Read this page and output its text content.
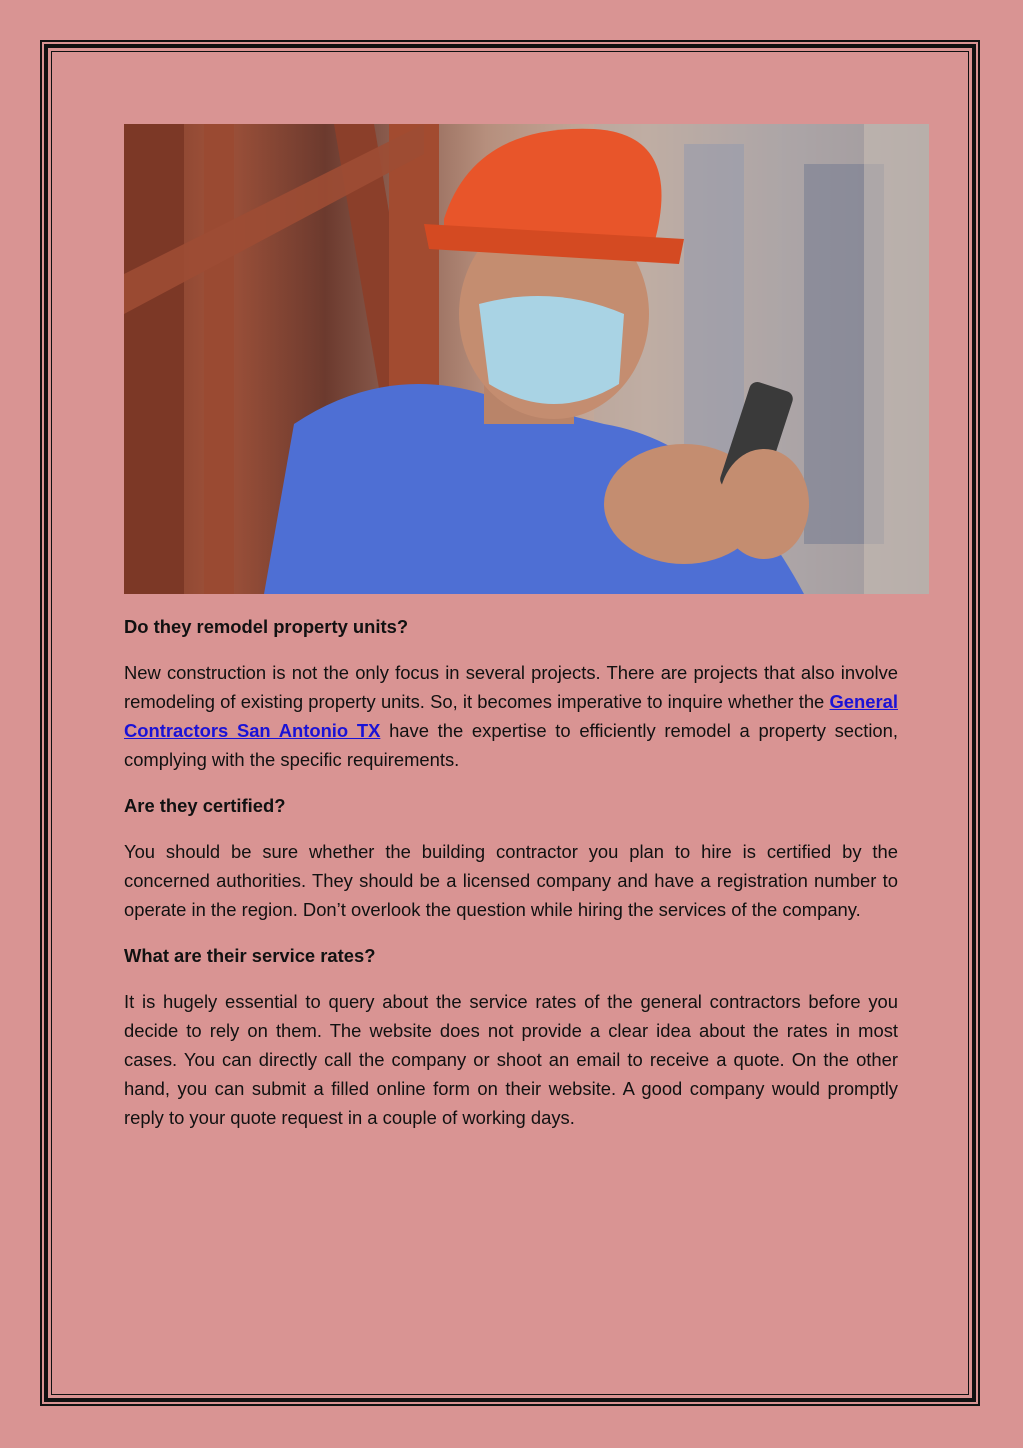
Do they remodel property units?

New construction is not the only focus in several projects. There are projects that also involve remodeling of existing property units. So, it becomes imperative to inquire whether the General Contractors San Antonio TX have the expertise to efficiently remodel a property section, complying with the specific requirements.

Are they certified?

You should be sure whether the building contractor you plan to hire is certified by the concerned authorities. They should be a licensed company and have a registration number to operate in the region. Don’t overlook the question while hiring the services of the company.

What are their service rates?

It is hugely essential to query about the service rates of the general contractors before you decide to rely on them. The website does not provide a clear idea about the rates in most cases. You can directly call the company or shoot an email to receive a quote. On the other hand, you can submit a filled online form on their website. A good company would promptly reply to your quote request in a couple of working days.
